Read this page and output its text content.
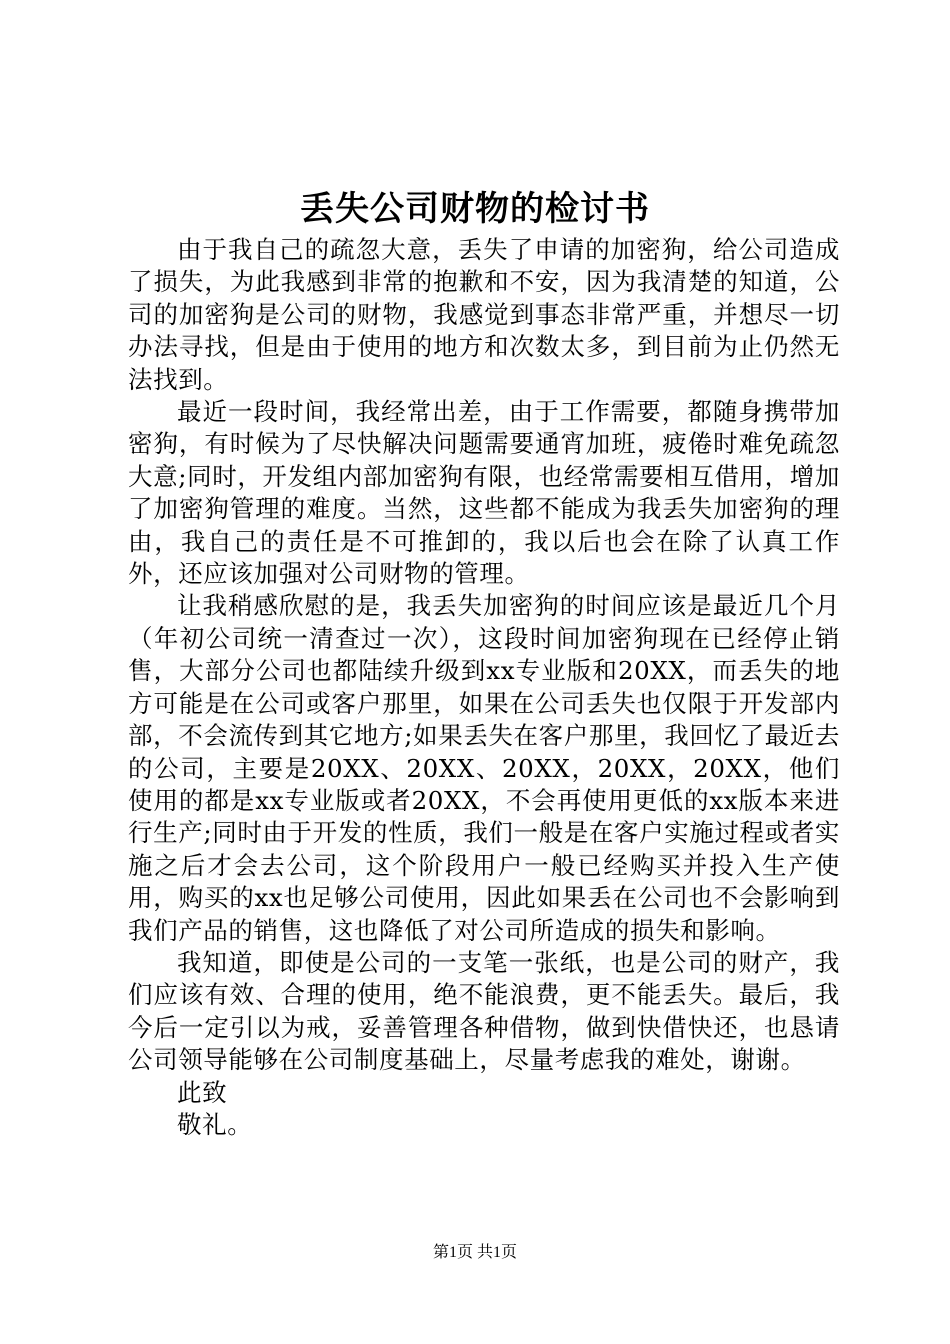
丢失公司财物的检讨书

由于我自己的疏忽大意，丢失了申请的加密狗，给公司造成了损失，为此我感到非常的抱歉和不安，因为我清楚的知道，公司的加密狗是公司的财物，我感觉到事态非常严重，并想尽一切办法寻找，但是由于使用的地方和次数太多，到目前为止仍然无法找到。

最近一段时间，我经常出差，由于工作需要，都随身携带加密狗，有时候为了尽快解决问题需要通宵加班，疲倦时难免疏忽大意;同时，开发组内部加密狗有限，也经常需要相互借用，增加了加密狗管理的难度。当然，这些都不能成为我丢失加密狗的理由，我自己的责任是不可推卸的，我以后也会在除了认真工作外，还应该加强对公司财物的管理。

让我稍感欣慰的是，我丢失加密狗的时间应该是最近几个月（年初公司统一清查过一次），这段时间加密狗现在已经停止销售，大部分公司也都陆续升级到xx专业版和20XX，而丢失的地方可能是在公司或客户那里，如果在公司丢失也仅限于开发部内部，不会流传到其它地方;如果丢失在客户那里，我回忆了最近去的公司，主要是20XX、20XX、20XX，20XX，20XX，他们使用的都是xx专业版或者20XX，不会再使用更低的xx版本来进行生产;同时由于开发的性质，我们一般是在客户实施过程或者实施之后才会去公司，这个阶段用户一般已经购买并投入生产使用，购买的xx也足够公司使用，因此如果丢在公司也不会影响到我们产品的销售，这也降低了对公司所造成的损失和影响。

我知道，即使是公司的一支笔一张纸，也是公司的财产，我们应该有效、合理的使用，绝不能浪费，更不能丢失。最后，我今后一定引以为戒，妥善管理各种借物，做到快借快还，也恳请公司领导能够在公司制度基础上，尽量考虑我的难处，谢谢。

此致

敬礼。

第1页 共1页
